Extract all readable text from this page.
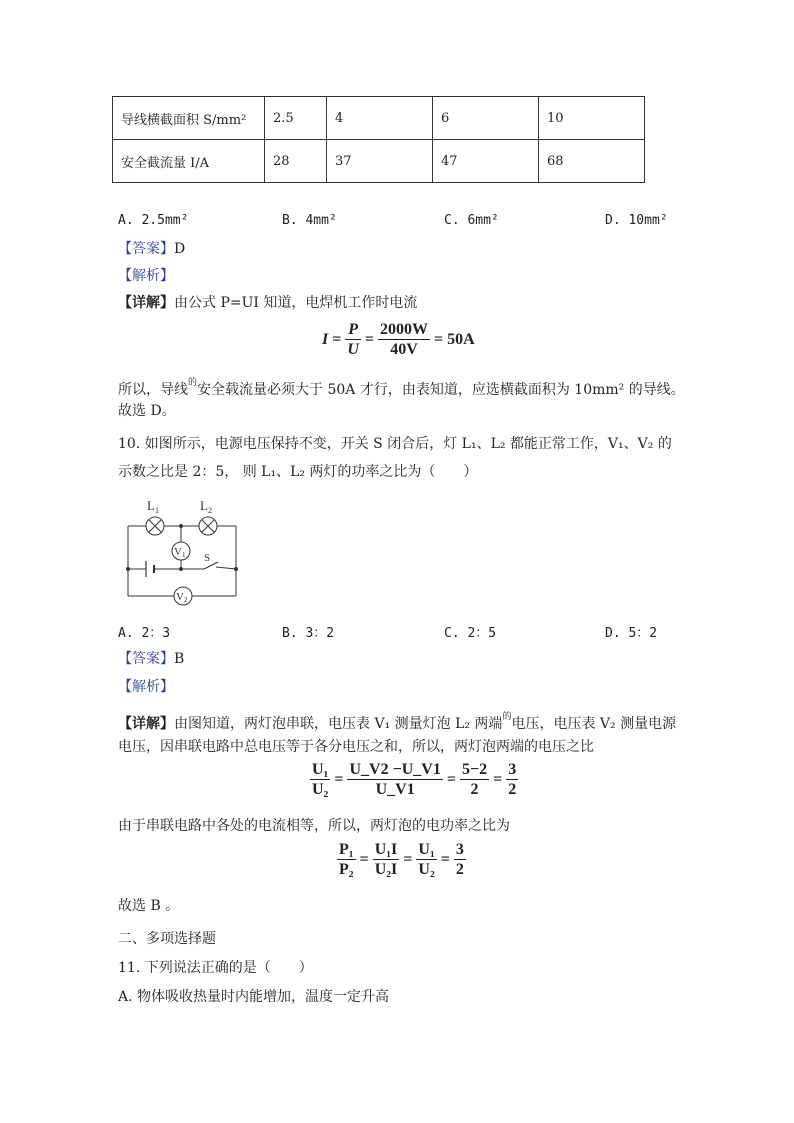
导线横截面积 S/mm²	2.5	4	6	10
安全截流量 I/A	28	37	47	68
A. 2.5mm²	B. 4mm²	C. 6mm²	D. 10mm²
【答案】D
【解析】
【详解】由公式 P=UI 知道，电焊机工作时电流
$I = \frac{P}{U} = \frac{2000W}{40V} = 50A$
所以，导线$^的$安全载流量必须大于 50A 才行，由表知道，应选横截面积为 10mm² 的导线。
故选 D。
10. 如图所示，电源电压保持不变，开关 S 闭合后，灯 L₁、L₂ 都能正常工作，V₁、V₂ 的
示数之比是 2：5， 则 L₁、L₂ 两灯的功率之比为（　　）
$L_1$	$L_2$
V1
V2
S
A. 2：3	B. 3：2	C. 2：5	D. 5：2
【答案】B
【解析】
【详解】由图知道，两灯泡串联，电压表 V₁ 测量灯泡 L₂ 两端$^的$电压，电压表 V₂ 测量电源
电压，因串联电路中总电压等于各分电压之和，所以，两灯泡两端的电压之比
$\frac{\text{U₁}}{\text{U₂}} = \frac{U\_V2 -U\_V1}{U\_V1} = \frac{5-2}{2} = \frac{3}{2}$
由于串联电路中各处的电流相等，所以，两灯泡的电功率之比为
$\frac{\text{P₁}}{\text{P₂}} = \frac{\text{U₁I}}{\text{U₂I}} = \frac{\text{U₁}}{\text{U₂}} = \frac{3}{2}$
故选 B 。
二、多项选择题
11. 下列说法正确的是（　　）
A. 物体吸收热量时内能增加，温度一定升高
